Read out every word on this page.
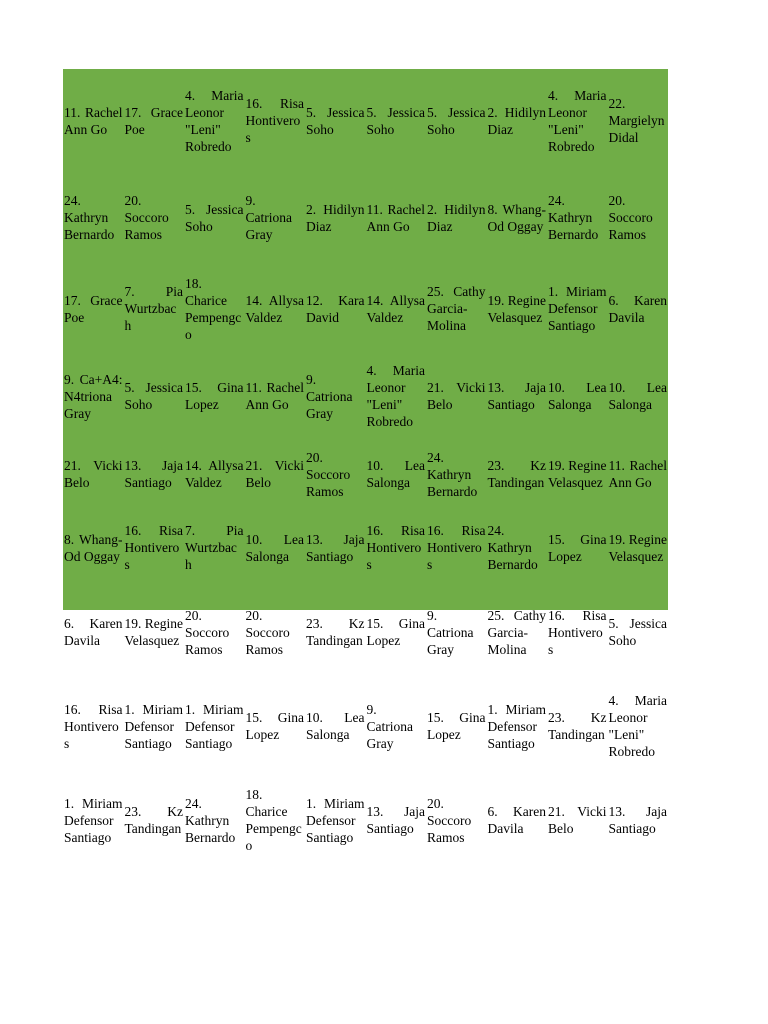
11. Rachel Ann Go
17. Grace Poe
4. Maria Leonor "Leni" Robredo
16. Risa Hontiveros
5. Jessica Soho
5. Jessica Soho
5. Jessica Soho
2. Hidilyn Diaz
4. Maria Leonor "Leni" Robredo
22. Margielyn Didal
24. Kathryn Bernardo
20. Soccoro Ramos
5. Jessica Soho
9. Catriona Gray
2. Hidilyn Diaz
11. Rachel Ann Go
2. Hidilyn Diaz
8. Whang-Od Oggay
24. Kathryn Bernardo
20. Soccoro Ramos
17. Grace Poe
7. Pia Wurtzbach
18. Charice Pempengco
14. Allysa Valdez
12. Kara David
14. Allysa Valdez
25. Cathy Garcia-Molina
19. Regine Velasquez
1. Miriam Defensor Santiago
6. Karen Davila
9. Ca+A4: N4triona Gray
5. Jessica Soho
15. Gina Lopez
11. Rachel Ann Go
9. Catriona Gray
4. Maria Leonor "Leni" Robredo
21. Vicki Belo
13. Jaja Santiago
10. Lea Salonga
10. Lea Salonga
21. Vicki Belo
13. Jaja Santiago
14. Allysa Valdez
21. Vicki Belo
20. Soccoro Ramos
10. Lea Salonga
24. Kathryn Bernardo
23. Kz Tandingan
19. Regine Velasquez
11. Rachel Ann Go
8. Whang-Od Oggay
16. Risa Hontiveros
7. Pia Wurtzbach
10. Lea Salonga
13. Jaja Santiago
16. Risa Hontiveros
16. Risa Hontiveros
24. Kathryn Bernardo
15. Gina Lopez
19. Regine Velasquez
6. Karen Davila
19. Regine Velasquez
20. Soccoro Ramos
20. Soccoro Ramos
23. Kz Tandingan
15. Gina Lopez
9. Catriona Gray
25. Cathy Garcia-Molina
16. Risa Hontiveros
5. Jessica Soho
16. Risa Hontiveros
1. Miriam Defensor Santiago
1. Miriam Defensor Santiago
15. Gina Lopez
10. Lea Salonga
9. Catriona Gray
15. Gina Lopez
1. Miriam Defensor Santiago
23. Kz Tandingan
4. Maria Leonor "Leni" Robredo
1. Miriam Defensor Santiago
23. Kz Tandingan
24. Kathryn Bernardo
18. Charice Pempengco
1. Miriam Defensor Santiago
13. Jaja Santiago
20. Soccoro Ramos
6. Karen Davila
21. Vicki Belo
13. Jaja Santiago
